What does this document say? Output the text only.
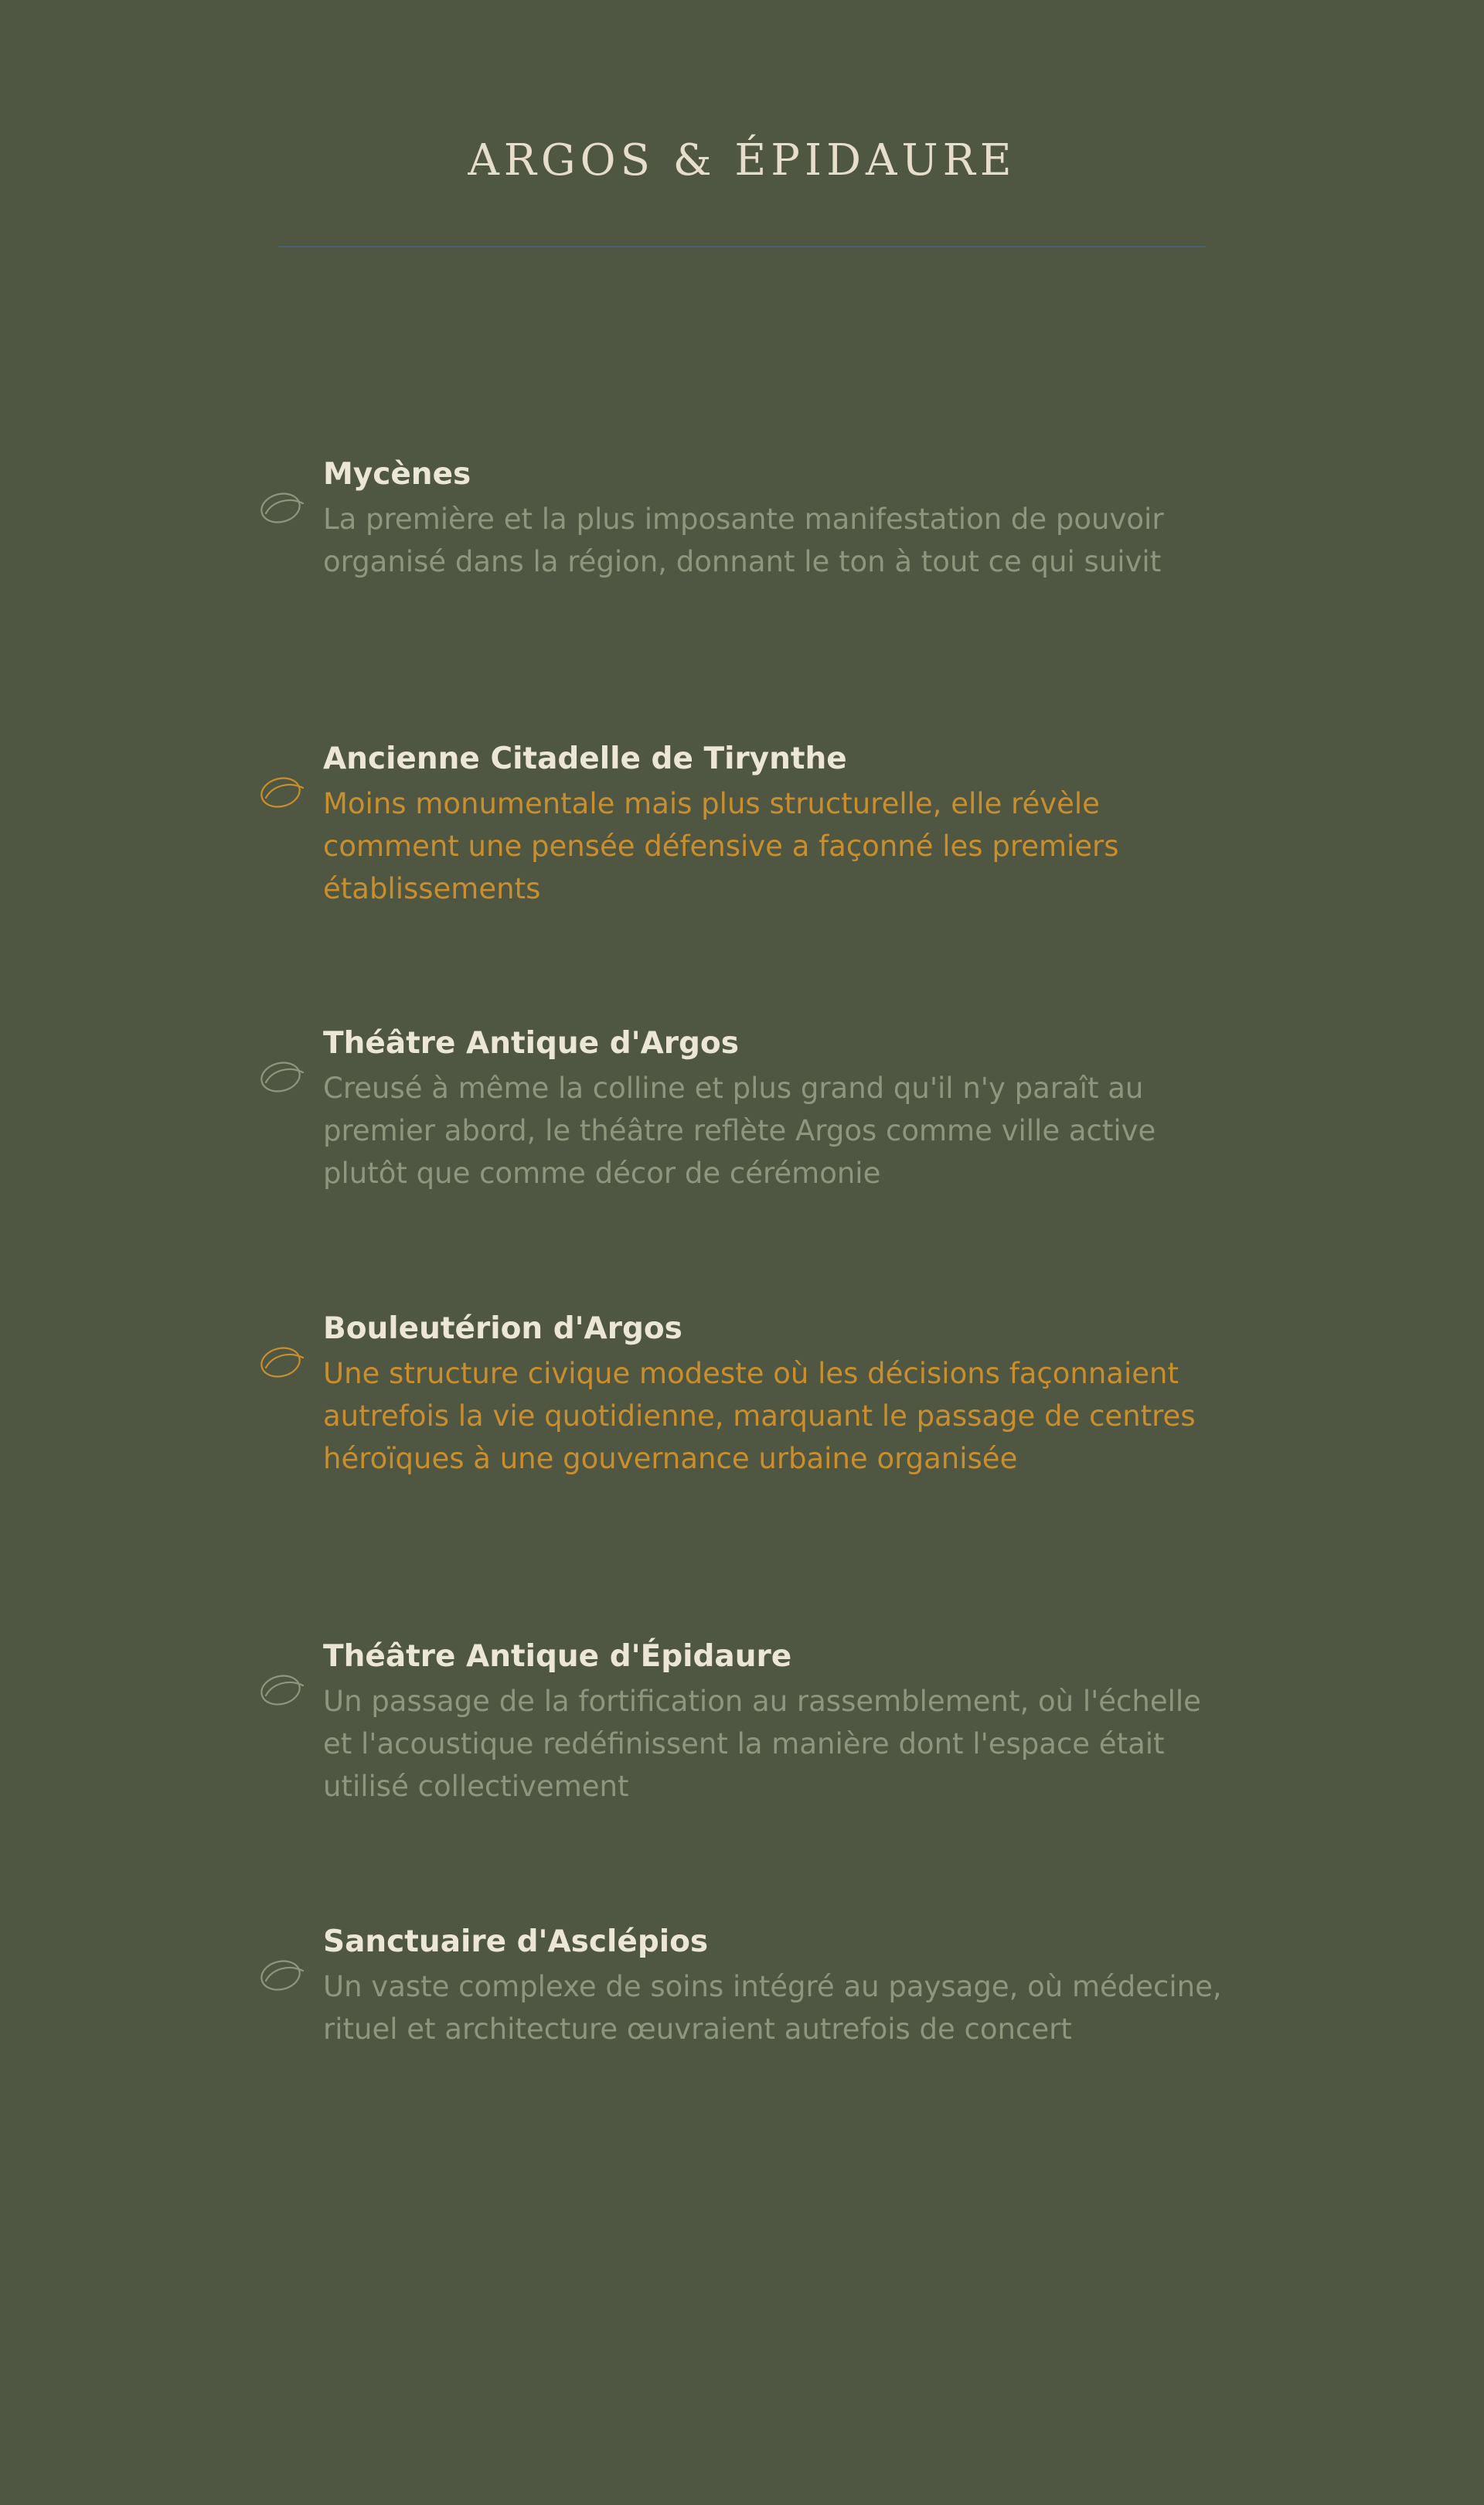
ARGOS & ÉPIDAURE
Mycènes
La première et la plus imposante manifestation de pouvoir organisé dans la région, donnant le ton à tout ce qui suivit
Ancienne Citadelle de Tirynthe
Moins monumentale mais plus structurelle, elle révèle comment une pensée défensive a façonné les premiers établissements
Théâtre Antique d'Argos
Creusé à même la colline et plus grand qu'il n'y paraît au premier abord, le théâtre reflète Argos comme ville active plutôt que comme décor de cérémonie
Bouleutérion d'Argos
Une structure civique modeste où les décisions façonnaient autrefois la vie quotidienne, marquant le passage de centres héroïques à une gouvernance urbaine organisée
Théâtre Antique d'Épidaure
Un passage de la fortification au rassemblement, où l'échelle et l'acoustique redéfinissent la manière dont l'espace était utilisé collectivement
Sanctuaire d'Asclépios
Un vaste complexe de soins intégré au paysage, où médecine, rituel et architecture œuvraient autrefois de concert
